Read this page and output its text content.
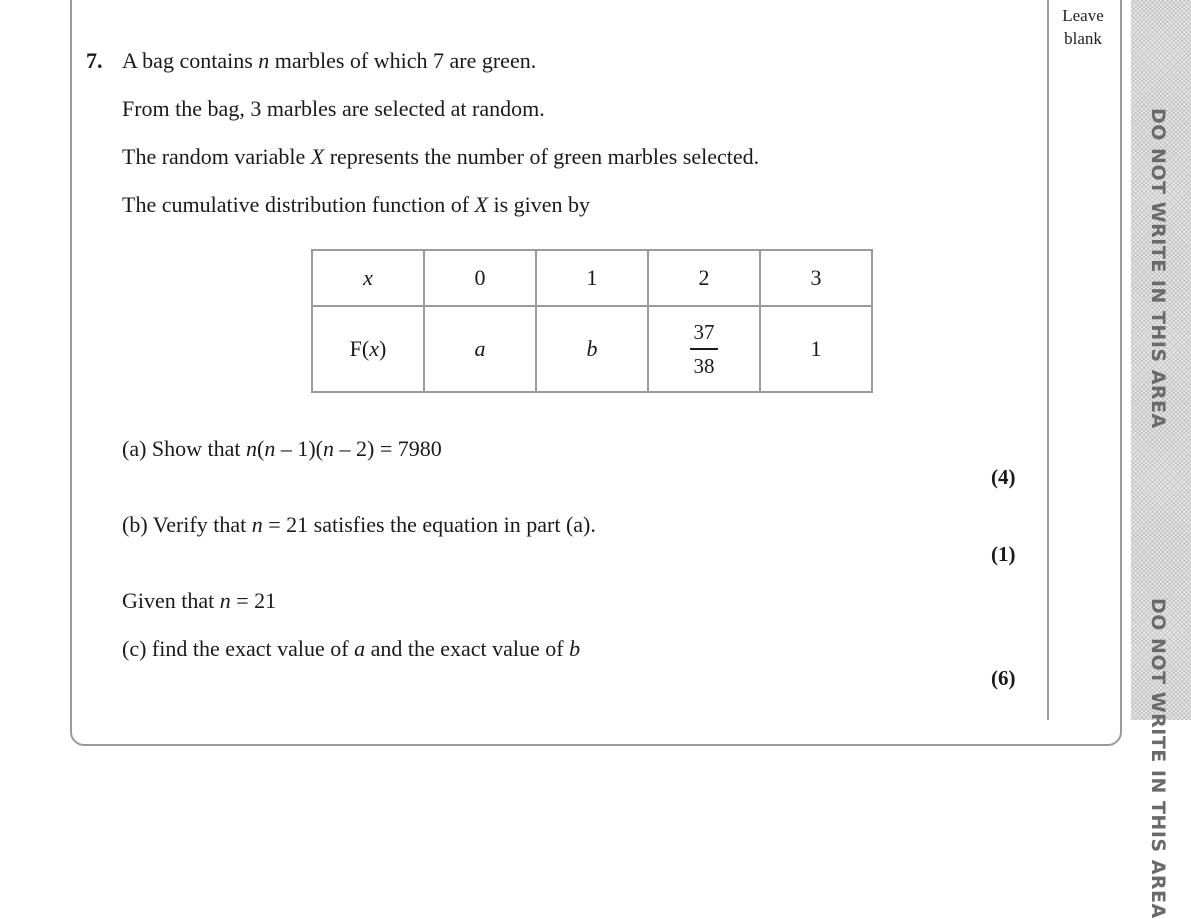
Leave
blank
DO NOT WRITE IN THIS AREA
DO NOT WRITE IN THIS AREA
7. A bag contains n marbles of which 7 are green.
From the bag, 3 marbles are selected at random.
The random variable X represents the number of green marbles selected.
The cumulative distribution function of X is given by
x	0	1	2	3
F(x)	a	b	$\frac{37}{38}$	1
(a) Show that n(n – 1)(n – 2) = 7980
(4)
(b) Verify that n = 21 satisfies the equation in part (a).
(1)
Given that n = 21
(c) find the exact value of a and the exact value of b
(6)
